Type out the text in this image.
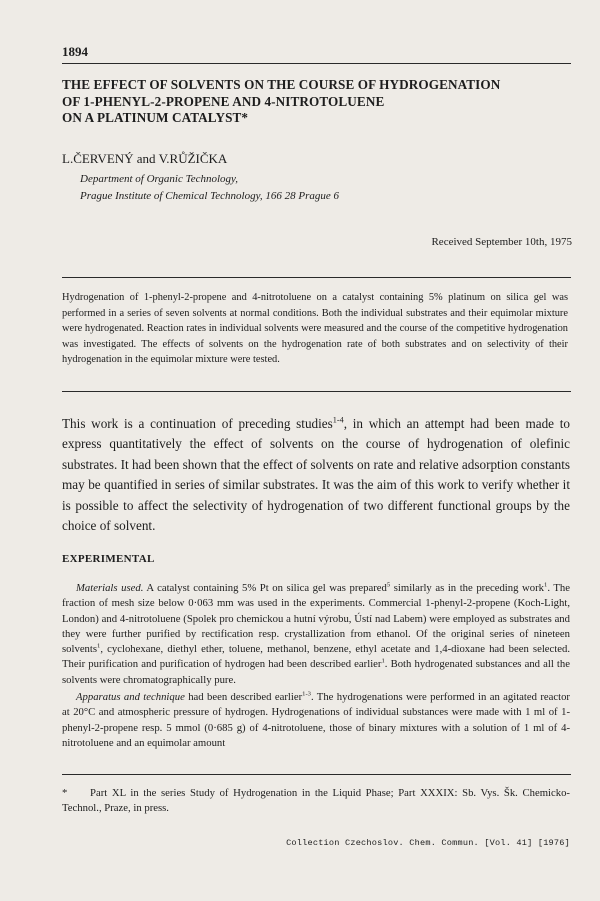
1894
THE EFFECT OF SOLVENTS ON THE COURSE OF HYDROGENATION
OF 1-PHENYL-2-PROPENE AND 4-NITROTOLUENE
ON A PLATINUM CATALYST*
L.ČERVENÝ and V.RŮŽIČKA
Department of Organic Technology,
Prague Institute of Chemical Technology, 166 28 Prague 6
Received September 10th, 1975
Hydrogenation of 1-phenyl-2-propene and 4-nitrotoluene on a catalyst containing 5% platinum on silica gel was performed in a series of seven solvents at normal conditions. Both the individual substrates and their equimolar mixture were hydrogenated. Reaction rates in individual solvents were measured and the course of the competitive hydrogenation was investigated. The effects of solvents on the hydrogenation rate of both substrates and on selectivity of their hydrogenation in the equimolar mixture were tested.
This work is a continuation of preceding studies$^{1-4}$, in which an attempt had been made to express quantitatively the effect of solvents on the course of hydrogenation of olefinic substrates. It had been shown that the effect of solvents on rate and relative adsorption constants may be quantified in series of similar substrates. It was the aim of this work to verify whether it is possible to affect the selectivity of hydrogenation of two different functional groups by the choice of solvent.
EXPERIMENTAL

Materials used. A catalyst containing 5% Pt on silica gel was prepared$^5$ similarly as in the preceding work$^1$. The fraction of mesh size below 0·063 mm was used in the experiments. Commercial 1-phenyl-2-propene (Koch-Light, London) and 4-nitrotoluene (Spolek pro chemickou a hutní výrobu, Ústí nad Labem) were employed as substrates and they were further purified by rectification resp. crystallization from ethanol. Of the original series of nineteen solvents$^1$, cyclohexane, diethyl ether, toluene, methanol, benzene, ethyl acetate and 1,4-dioxane had been selected. Their purification and purification of hydrogen had been described earlier$^1$. Both hydrogenated substances and all the solvents were chromatographically pure.

Apparatus and technique had been described earlier$^{1-3}$. The hydrogenations were performed in an agitated reactor at 20°C and atmospheric pressure of hydrogen. Hydrogenations of individual substances were made with 1 ml of 1-phenyl-2-propene resp. 5 mmol (0·685 g) of 4-nitrotoluene, those of binary mixtures with a solution of 1 ml of 4-nitrotoluene and an equimolar amount

* Part XL in the series Study of Hydrogenation in the Liquid Phase; Part XXXIX: Sb. Vys. Šk. Chemicko-Technol., Praze, in press.
Collection Czechoslov. Chem. Commun. [Vol. 41] [1976]
